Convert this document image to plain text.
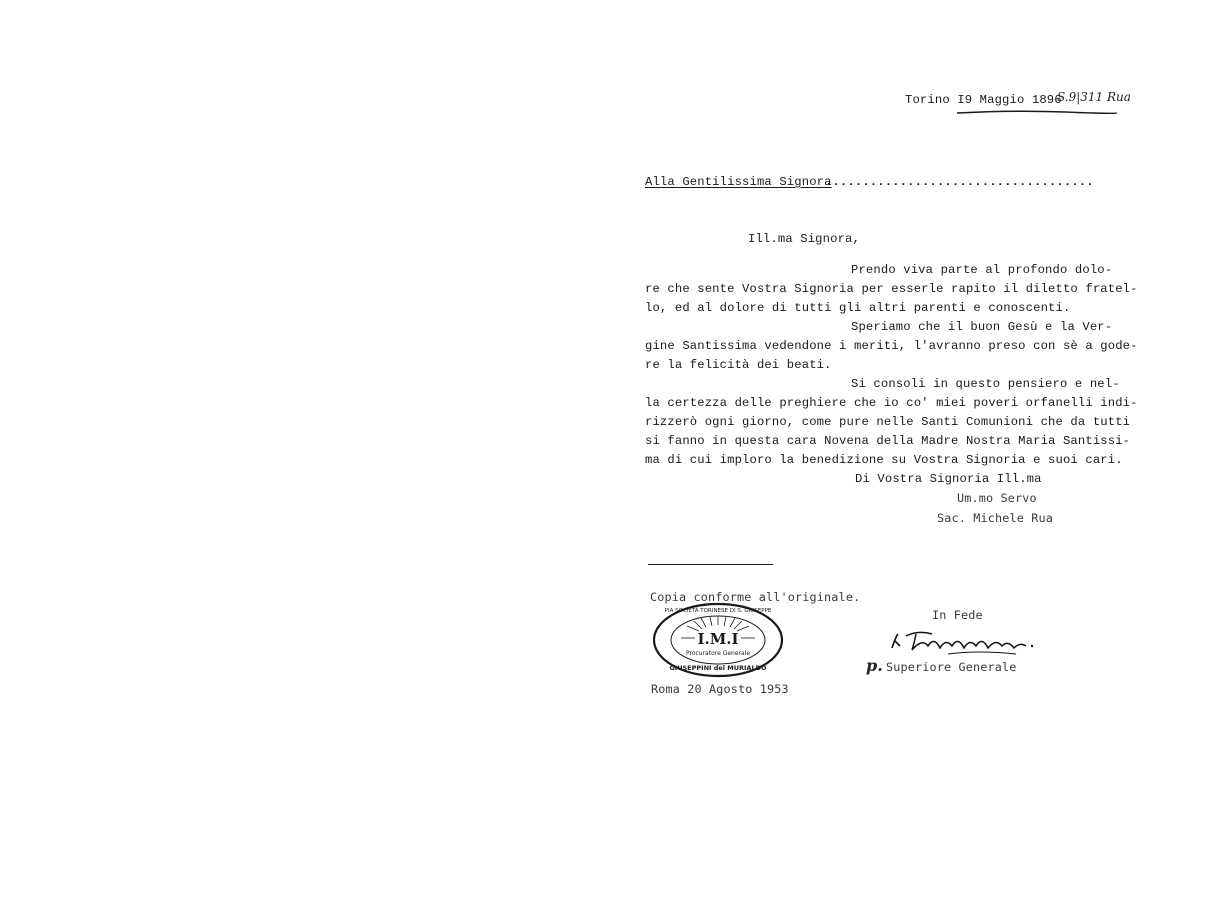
Torino I9 Maggio 1896
S.9|311 Rua
Alla Gentilissima Signora
....................................
Ill.ma Signora,
Prendo viva parte al profondo dolo-
re che sente Vostra Signoria per esserle rapito il diletto fratel-
lo, ed al dolore di tutti gli altri parenti e conoscenti.
Speriamo che il buon Gesù e la Ver-
gine Santissima vedendone i meriti, l'avranno preso con sè a gode-
re la felicità dei beati.
Si consoli in questo pensiero e nel-
la certezza delle preghiere che io co' miei poveri orfanelli indi-
rizzerò ogni giorno, come pure nelle Santi Comunioni che da tutti
si fanno in questa cara Novena della Madre Nostra Maria Santissi-
ma di cui imploro la benedizione su Vostra Signoria e suoi cari.
Di Vostra Signoria Ill.ma
Um.mo Servo
Sac. Michele Rua
Copia conforme all'originale.
I.M.I
PIA SOCIETÀ TORINESE DI S. GIUSEPPE
Procuratore Generale
GIUSEPPINI del MURIALDO
Roma 20 Agosto 1953
In Fede
p. Superiore Generale
